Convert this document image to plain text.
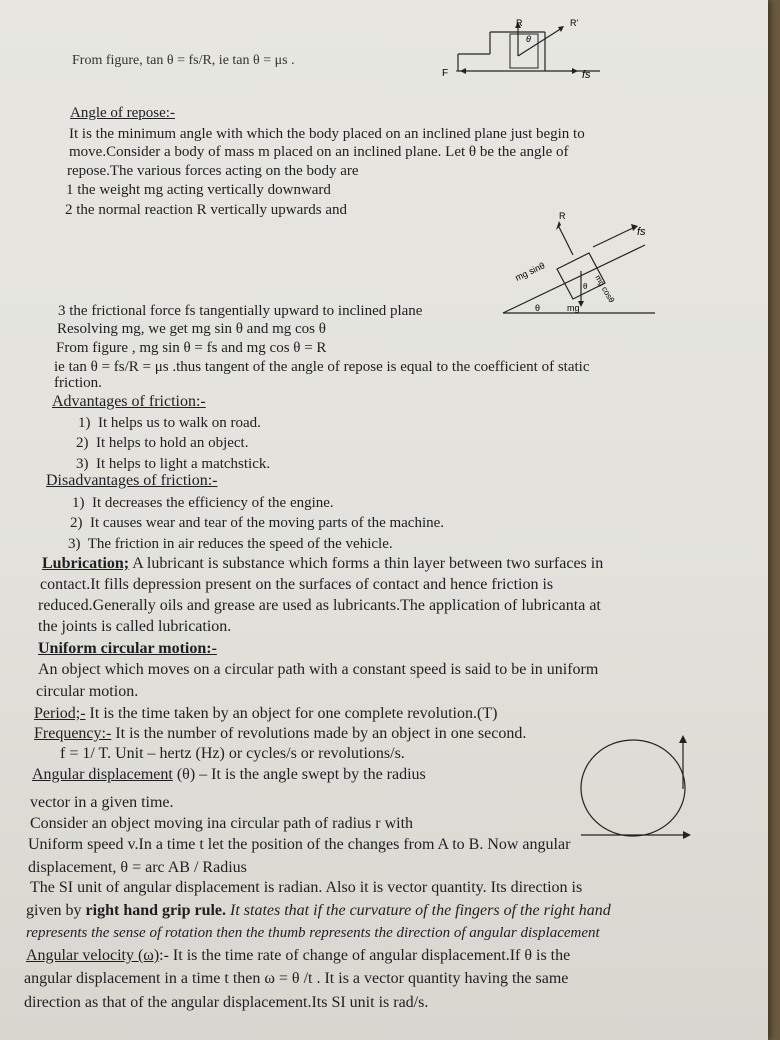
From figure, tan θ = fs/R, ie tan θ = μs .
R	R'
θ
F	fs
Angle of repose:-
It is the minimum angle with which the body placed on an inclined plane just begin to
move.Consider a body of mass m placed on an inclined plane. Let θ be the angle of
repose.The various forces acting on the body are
1 the weight mg acting vertically downward
2 the normal reaction R vertically upwards and	R
fs
mg sinθ
mg cosθ
mg
θ
θ
3 the frictional force fs tangentially upward to inclined plane
Resolving mg, we get mg sin θ and mg cos θ
From figure , mg sin θ = fs and mg cos θ = R
ie tan θ = fs/R = μs .thus tangent of the angle of repose is equal to the coefficient of static
friction.
Advantages of friction:-
1) It helps us to walk on road.
2) It helps to hold an object.
3) It helps to light a matchstick.
Disadvantages of friction:-
1) It decreases the efficiency of the engine.
2) It causes wear and tear of the moving parts of the machine.
3) The friction in air reduces the speed of the vehicle.
Lubrication; A lubricant is substance which forms a thin layer between two surfaces in
contact.It fills depression present on the surfaces of contact and hence friction is
reduced.Generally oils and grease are used as lubricants.The application of lubricanta at
the joints is called lubrication.
Uniform circular motion:-
An object which moves on a circular path with a constant speed is said to be in uniform
circular motion.
Period;- It is the time taken by an object for one complete revolution.(T)
Frequency:- It is the number of revolutions made by an object in one second.
f = 1/ T. Unit – hertz (Hz) or cycles/s or revolutions/s.
Angular displacement (θ) – It is the angle swept by the radius
vector in a given time.
Consider an object moving ina circular path of radius r with
Uniform speed v.In a time t let the position of the changes from A to B. Now angular
displacement, θ = arc AB / Radius
The SI unit of angular displacement is radian. Also it is vector quantity. Its direction is
given by right hand grip rule. It states that if the curvature of the fingers of the right hand
represents the sense of rotation then the thumb represents the direction of angular displacement
Angular velocity (ω):- It is the time rate of change of angular displacement.If θ is the
angular displacement in a time t then ω = θ /t . It is a vector quantity having the same
direction as that of the angular displacement.Its SI unit is rad/s.
